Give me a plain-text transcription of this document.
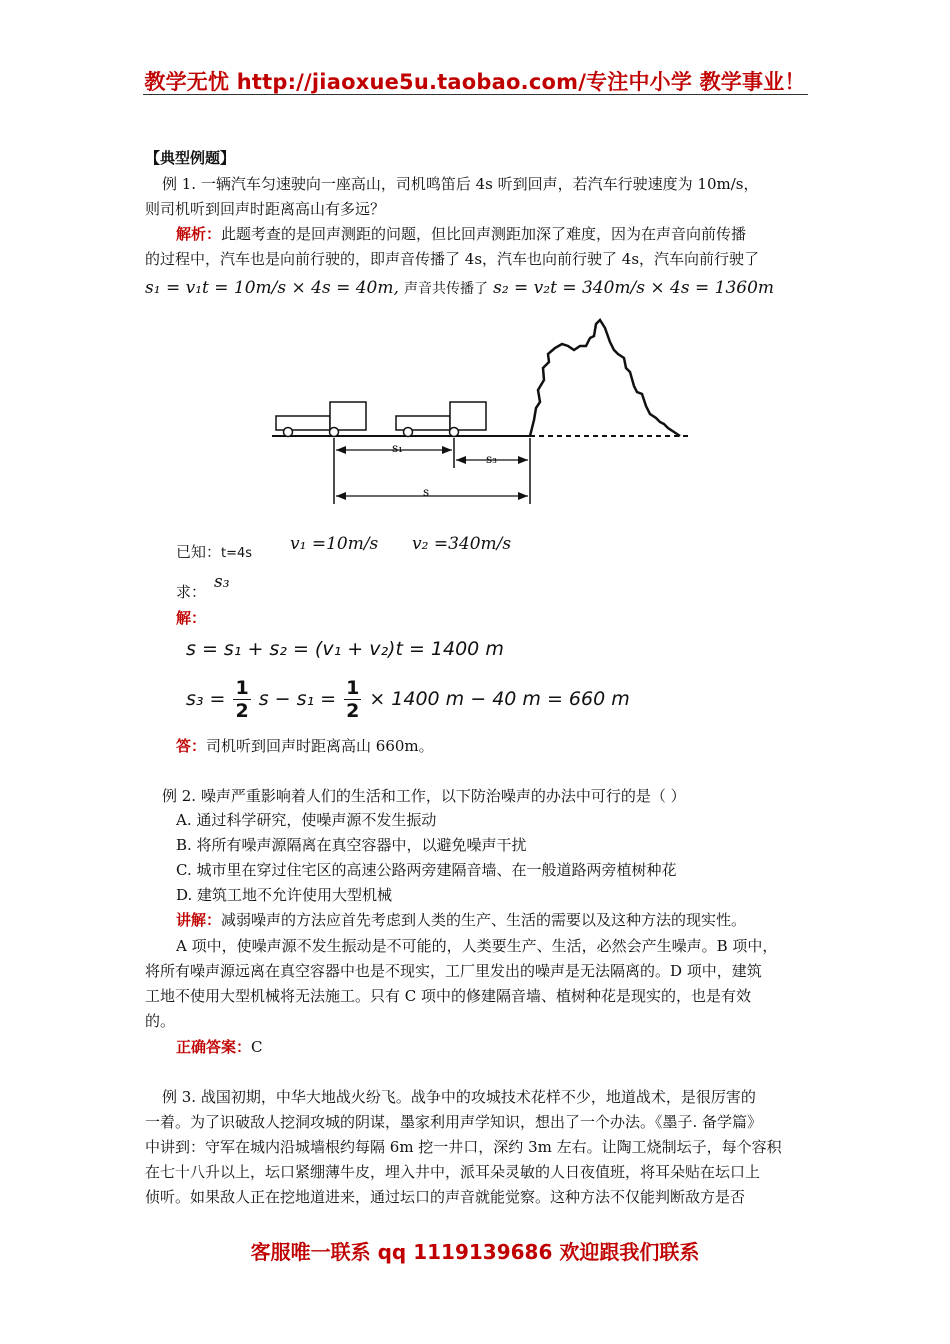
教学无忧 http://jiaoxue5u.taobao.com/专注中小学 教学事业！
【典型例题】
例 1. 一辆汽车匀速驶向一座高山，司机鸣笛后 4s 听到回声，若汽车行驶速度为 10m/s，
则司机听到回声时距离高山有多远？
解析：此题考查的是回声测距的问题，但比回声测距加深了难度，因为在声音向前传播
的过程中，汽车也是向前行驶的，即声音传播了 4s，汽车也向前行驶了 4s，汽车向前行驶了
s₁ = v₁t = 10m/s × 4s = 40m, 声音共传播了 s₂ = v₂t = 340m/s × 4s = 1360m
s₁
s₃
s
已知：t=4s v₁ =10m/s v₂ =340m/s
求： s₃
解：
s = s₁ + s₂ = (v₁ + v₂)t = 1400 m
$s_3 = \frac{1}{2}$ $s - s_1 = \frac{1}{2} \times 1400$ m − 40 m = 660 m
答：司机听到回声时距离高山 660m。
例 2. 噪声严重影响着人们的生活和工作，以下防治噪声的办法中可行的是（ ）
A. 通过科学研究，使噪声源不发生振动
B. 将所有噪声源隔离在真空容器中，以避免噪声干扰
C. 城市里在穿过住宅区的高速公路两旁建隔音墙、在一般道路两旁植树种花
D. 建筑工地不允许使用大型机械
讲解：减弱噪声的方法应首先考虑到人类的生产、生活的需要以及这种方法的现实性。
A 项中，使噪声源不发生振动是不可能的，人类要生产、生活，必然会产生噪声。B 项中，
将所有噪声源远离在真空容器中也是不现实，工厂里发出的噪声是无法隔离的。D 项中，建筑
工地不使用大型机械将无法施工。只有 C 项中的修建隔音墙、植树种花是现实的，也是有效
的。
正确答案：C
例 3. 战国初期，中华大地战火纷飞。战争中的攻城技术花样不少，地道战术，是很厉害的
一着。为了识破敌人挖洞攻城的阴谋，墨家利用声学知识，想出了一个办法。《墨子. 备学篇》
中讲到：守军在城内沿城墙根约每隔 6m 挖一井口，深约 3m 左右。让陶工烧制坛子，每个容积
在七十八升以上，坛口紧绷薄牛皮，埋入井中，派耳朵灵敏的人日夜值班，将耳朵贴在坛口上
侦听。如果敌人正在挖地道进来，通过坛口的声音就能觉察。这种方法不仅能判断敌方是否
客服唯一联系 qq 1119139686 欢迎跟我们联系
